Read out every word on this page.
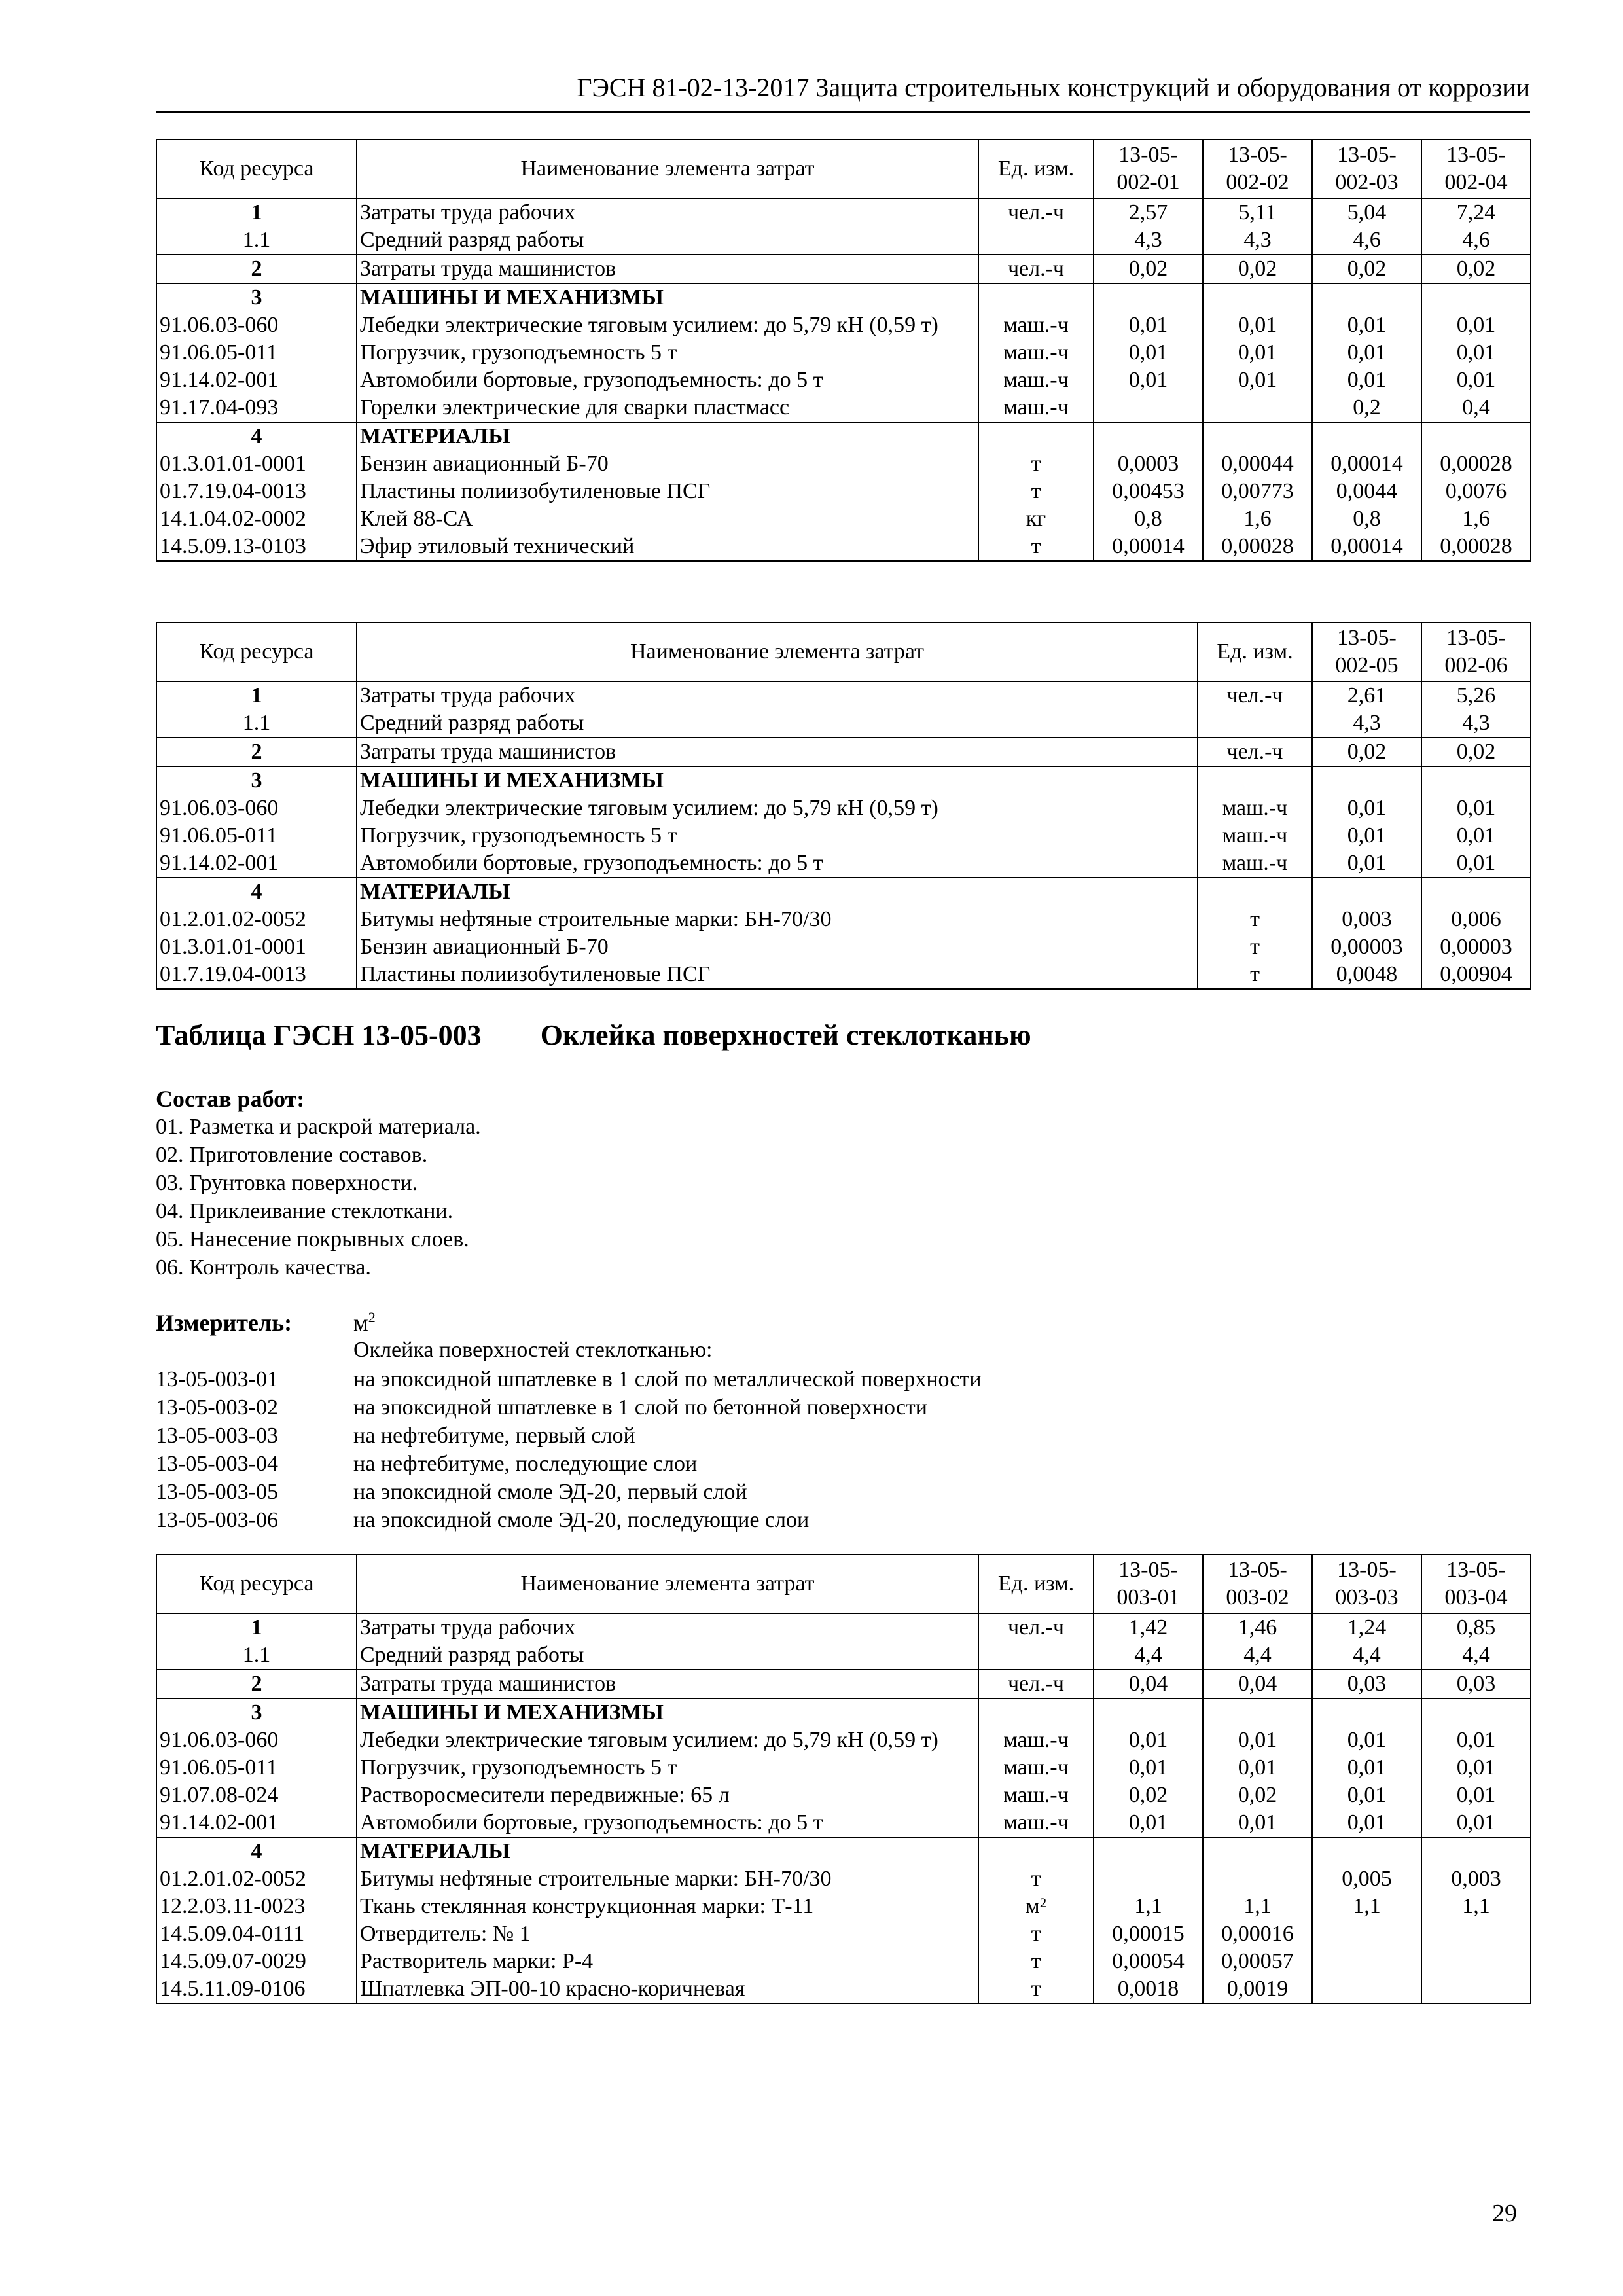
ГЭСН 81-02-13-2017 Защита строительных конструкций и оборудования от коррозии
Код ресурса	Наименование элемента затрат	Ед. изм.	13-05-
002-01	13-05-
002-02	13-05-
002-03	13-05-
002-04
1	Затраты труда рабочих	чел.-ч	2,57	5,11	5,04	7,24
1.1	Средний разряд работы		4,3	4,3	4,6	4,6
2	Затраты труда машинистов	чел.-ч	0,02	0,02	0,02	0,02
3	МАШИНЫ И МЕХАНИЗМЫ					
91.06.03-060	Лебедки электрические тяговым усилием: до 5,79 кН (0,59 т)	маш.-ч	0,01	0,01	0,01	0,01
91.06.05-011	Погрузчик, грузоподъемность 5 т	маш.-ч	0,01	0,01	0,01	0,01
91.14.02-001	Автомобили бортовые, грузоподъемность: до 5 т	маш.-ч	0,01	0,01	0,01	0,01
91.17.04-093	Горелки электрические для сварки пластмасс	маш.-ч			0,2	0,4
4	МАТЕРИАЛЫ					
01.3.01.01-0001	Бензин авиационный Б-70	т	0,0003	0,00044	0,00014	0,00028
01.7.19.04-0013	Пластины полиизобутиленовые ПСГ	т	0,00453	0,00773	0,0044	0,0076
14.1.04.02-0002	Клей 88-СА	кг	0,8	1,6	0,8	1,6
14.5.09.13-0103	Эфир этиловый технический	т	0,00014	0,00028	0,00014	0,00028
Код ресурса	Наименование элемента затрат	Ед. изм.	13-05-
002-05	13-05-
002-06
1	Затраты труда рабочих	чел.-ч	2,61	5,26
1.1	Средний разряд работы		4,3	4,3
2	Затраты труда машинистов	чел.-ч	0,02	0,02
3	МАШИНЫ И МЕХАНИЗМЫ			
91.06.03-060	Лебедки электрические тяговым усилием: до 5,79 кН (0,59 т)	маш.-ч	0,01	0,01
91.06.05-011	Погрузчик, грузоподъемность 5 т	маш.-ч	0,01	0,01
91.14.02-001	Автомобили бортовые, грузоподъемность: до 5 т	маш.-ч	0,01	0,01
4	МАТЕРИАЛЫ			
01.2.01.02-0052	Битумы нефтяные строительные марки: БН-70/30	т	0,003	0,006
01.3.01.01-0001	Бензин авиационный Б-70	т	0,00003	0,00003
01.7.19.04-0013	Пластины полиизобутиленовые ПСГ	т	0,0048	0,00904
Таблица ГЭСН 13-05-003 Оклейка поверхностей стеклотканью
Состав работ:
01. Разметка и раскрой материала.
02. Приготовление составов.
03. Грунтовка поверхности.
04. Приклеивание стеклоткани.
05. Нанесение покрывных слоев.
06. Контроль качества.
Измеритель:	$м^2$
Оклейка поверхностей стеклотканью:
13-05-003-01	на эпоксидной шпатлевке в 1 слой по металлической поверхности
13-05-003-02	на эпоксидной шпатлевке в 1 слой по бетонной поверхности
13-05-003-03	на нефтебитуме, первый слой
13-05-003-04	на нефтебитуме, последующие слои
13-05-003-05	на эпоксидной смоле ЭД-20, первый слой
13-05-003-06	на эпоксидной смоле ЭД-20, последующие слои
Код ресурса	Наименование элемента затрат	Ед. изм.	13-05-
003-01	13-05-
003-02	13-05-
003-03	13-05-
003-04
1	Затраты труда рабочих	чел.-ч	1,42	1,46	1,24	0,85
1.1	Средний разряд работы		4,4	4,4	4,4	4,4
2	Затраты труда машинистов	чел.-ч	0,04	0,04	0,03	0,03
3	МАШИНЫ И МЕХАНИЗМЫ					
91.06.03-060	Лебедки электрические тяговым усилием: до 5,79 кН (0,59 т)	маш.-ч	0,01	0,01	0,01	0,01
91.06.05-011	Погрузчик, грузоподъемность 5 т	маш.-ч	0,01	0,01	0,01	0,01
91.07.08-024	Растворосмесители передвижные: 65 л	маш.-ч	0,02	0,02	0,01	0,01
91.14.02-001	Автомобили бортовые, грузоподъемность: до 5 т	маш.-ч	0,01	0,01	0,01	0,01
4	МАТЕРИАЛЫ					
01.2.01.02-0052	Битумы нефтяные строительные марки: БН-70/30	т			0,005	0,003
12.2.03.11-0023	Ткань стеклянная конструкционная марки: Т-11	м²	1,1	1,1	1,1	1,1
14.5.09.04-0111	Отвердитель: № 1	т	0,00015	0,00016		
14.5.09.07-0029	Растворитель марки: Р-4	т	0,00054	0,00057		
14.5.11.09-0106	Шпатлевка ЭП-00-10 красно-коричневая	т	0,0018	0,0019		
29
